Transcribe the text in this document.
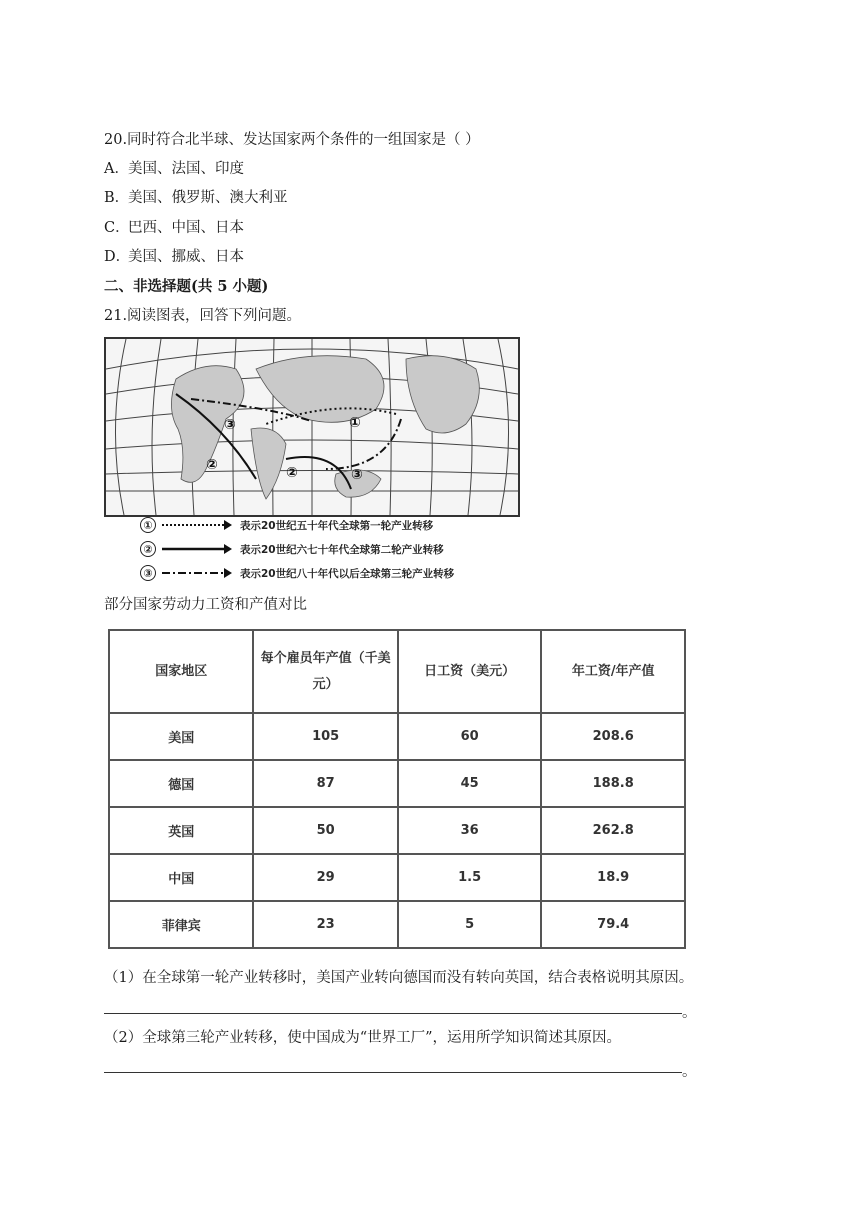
20.同时符合北半球、发达国家两个条件的一组国家是（ ）
A．美国、法国、印度
B．美国、俄罗斯、澳大利亚
C．巴西、中国、日本
D．美国、挪威、日本
二、非选择题(共 5 小题)
21.阅读图表，回答下列问题。
①
②	②
③
③
①	表示20世纪五十年代全球第一轮产业转移
②	表示20世纪六七十年代全球第二轮产业转移
③	表示20世纪八十年代以后全球第三轮产业转移
部分国家劳动力工资和产值对比
国家地区	每个雇员年产值（千美元）	日工资（美元）	年工资/年产值
美国	105	60	208.6
德国	87	45	188.8
英国	50	36	262.8
中国	29	1.5	18.9
菲律宾	23	5	79.4
（1）在全球第一轮产业转移时，美国产业转向德国而没有转向英国，结合表格说明其原因。
。
（2）全球第三轮产业转移，使中国成为“世界工厂”，运用所学知识简述其原因。
。
